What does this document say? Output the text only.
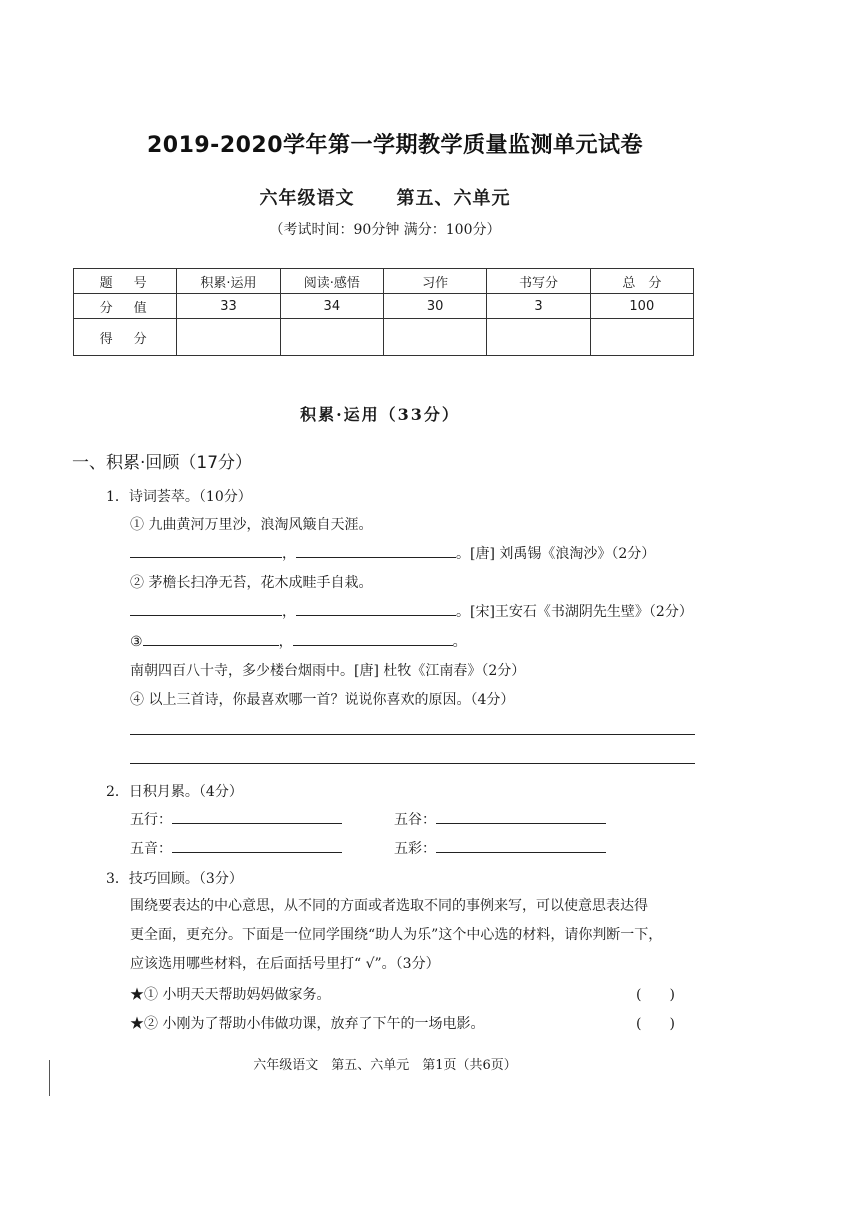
2019-2020学年第一学期教学质量监测单元试卷
六年级语文 第五、六单元
（考试时间：90分钟 满分：100分）
题　号	积累·运用	阅读·感悟	习作	书写分	总　分
分　值	33	34	30	3	100
得　分					
积累·运用（33分）
一、积累·回顾（17分）
1．诗词荟萃。（10分）
① 九曲黄河万里沙，浪淘风簸自天涯。
，	。[唐] 刘禹锡《浪淘沙》（2分）
② 茅檐长扫净无苔，花木成畦手自栽。
，	。[宋]王安石《书湖阴先生壁》（2分）
③	，	。
南朝四百八十寺，多少楼台烟雨中。[唐] 杜牧《江南春》（2分）
④ 以上三首诗，你最喜欢哪一首？说说你喜欢的原因。（4分）
2．日积月累。（4分）
五行：	五谷：
五音：	五彩：
3．技巧回顾。（3分）
围绕要表达的中心意思，从不同的方面或者选取不同的事例来写，可以使意思表达得
更全面，更充分。下面是一位同学围绕“助人为乐”这个中心选的材料，请你判断一下，
应该选用哪些材料，在后面括号里打“ √”。（3分）
★① 小明天天帮助妈妈做家务。	(　　)
★② 小刚为了帮助小伟做功课，放弃了下午的一场电影。	(　　)
六年级语文　第五、六单元　第1页（共6页）
